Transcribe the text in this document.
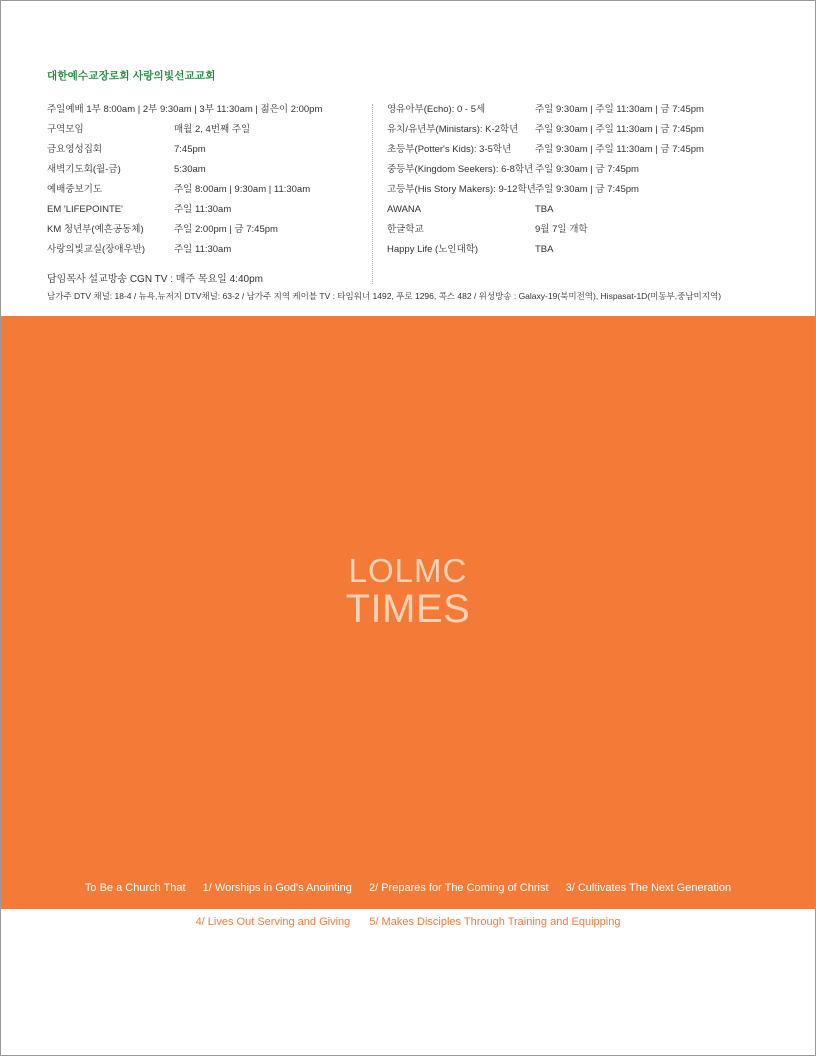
대한예수교장로회 사랑의빛선교교회
주일예배 1부 8:00am | 2부 9:30am | 3부 11:30am | 젊은이 2:00pm
구역모임	매월 2, 4번째 주일
금요영성집회	7:45pm
새벽기도회(월-금)	5:30am
예배중보기도	주일 8:00am | 9:30am | 11:30am
EM 'LIFEPOINTE'	주일 11:30am
KM 청년부(예흔공동체)	주일 2:00pm | 금 7:45pm
사랑의빛교실(장애우반)	주일 11:30am
영유아부(Echo): 0 - 5세	주일 9:30am | 주일 11:30am | 금 7:45pm
유치/유년부(Ministars): K-2학년	주일 9:30am | 주일 11:30am | 금 7:45pm
초등부(Potter's Kids): 3-5학년	주일 9:30am | 주일 11:30am | 금 7:45pm
중등부(Kingdom Seekers): 6-8학년 주일 9:30am | 금 7:45pm
고등부(His Story Makers): 9-12학년 주일 9:30am | 금 7:45pm
AWANA	TBA
한글학교	9월 7일 개학
Happy Life (노인대학)	TBA
담임목사 설교방송 CGN TV : 매주 목요일 4:40pm
남가주 DTV 채널: 18-4 / 뉴욕,뉴저지 DTV채널: 63-2 / 남가주 지역 케이블 TV : 타임워너 1492, 푸로 1296, 콕스 482 / 위성방송 : Galaxy-19(북미전역), Hispasat-1D(미동부,중남미지역)
LOLMC
TIMES
To Be a Church That 1/ Worships in God's Anointing 2/ Prepares for The Coming of Christ 3/ Cultivates The Next Generation
4/ Lives Out Serving and Giving 5/ Makes Disciples Through Training and Equipping
